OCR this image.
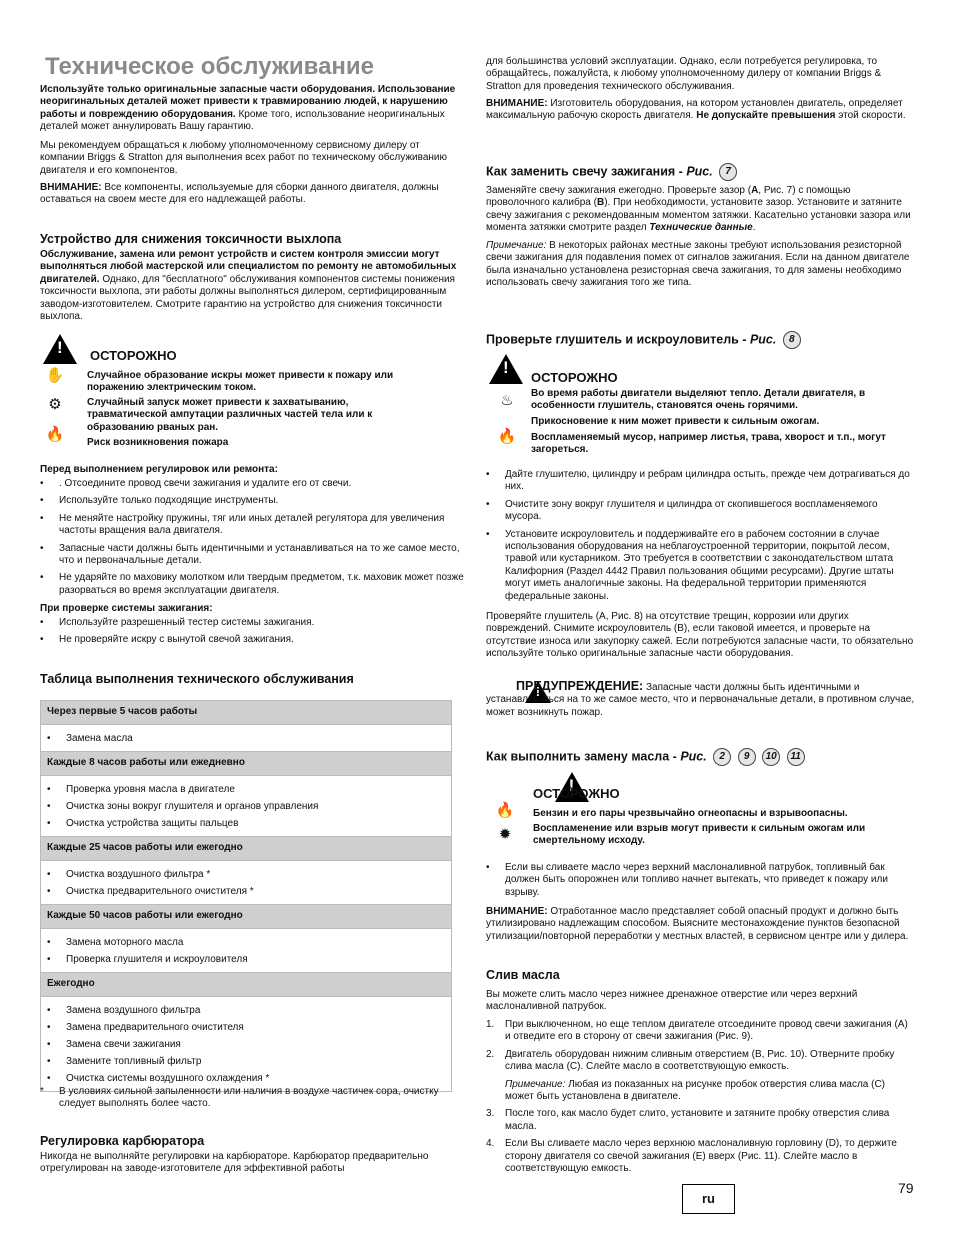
Техническое обслуживание

Используйте только оригинальные запасные части оборудования. Использование неоригинальных деталей может привести к травмированию людей, к нарушению работы и повреждению оборудования. Кроме того, использование неоригинальных деталей может аннулировать Вашу гарантию.

Мы рекомендуем обращаться к любому уполномоченному сервисному дилеру от компании Briggs & Stratton для выполнения всех работ по техническому обслуживанию двигателя и его компонентов.

ВНИМАНИЕ: Все компоненты, используемые для сборки данного двигателя, должны оставаться на своем месте для его надлежащей работы.

Устройство для снижения токсичности выхлопа

Обслуживание, замена или ремонт устройств и систем контроля эмиссии могут выполняться любой мастерской или специалистом по ремонту не автомобильных двигателей. Однако, для "бесплатного" обслуживания компонентов системы понижения токсичности выхлопа, эти работы должны выполняться дилером, сертифицированным заводом-изготовителем. Смотрите гарантию на устройство для снижения токсичности выхлопа.

!
ОСТОРОЖНО
✋
⚙
🔥

Случайное образование искры может привести к пожару или поражению электрическим током.

Случайный запуск может привести к захватыванию, травматической ампутации различных частей тела или к образованию рваных ран.

Риск возникновения пожара

Перед выполнением регулировок или ремонта:

• . Отсоедините провод свечи зажигания и удалите его от свечи.
• Используйте только подходящие инструменты.
• Не меняйте настройку пружины, тяг или иных деталей регулятора для увеличения частоты вращения вала двигателя.
• Запасные части должны быть идентичными и устанавливаться на то же самое место, что и первоначальные детали.
• Не ударяйте по маховику молотком или твердым предметом, т.к. маховик может позже разорваться во время эксплуатации двигателя.

При проверке системы зажигания:

• Используйте разрешенный тестер системы зажигания.
• Не проверяйте искру с вынутой свечой зажигания.
Таблица выполнения технического обслуживания
Через первые 5 часов работы

• Замена масла

Каждые 8 часов работы или ежедневно

• Проверка уровня масла в двигателе
• Очистка зоны вокруг глушителя и органов управления
• Очистка устройства защиты пальцев

Каждые 25 часов работы или ежегодно

• Очистка воздушного фильтра *
• Очистка предварительного очистителя *

Каждые 50 часов работы или ежегодно

• Замена моторного масла
• Проверка глушителя и искроуловителя

Ежегодно

• Замена воздушного фильтра
• Замена предварительного очистителя
• Замена свечи зажигания
• Замените топливный фильтр
• Очистка системы воздушного охлаждения *

* В условиях сильной запыленности или наличия в воздухе частичек сора, очистку следует выполнять более часто.

Регулировка карбюратора

Никогда не выполняйте регулировки на карбюраторе. Карбюратор предварительно отрегулирован на заводе-изготовителе для эффективной работы

для большинства условий эксплуатации. Однако, если потребуется регулировка, то обращайтесь, пожалуйста, к любому уполномоченному дилеру от компании Briggs & Stratton для проведения технического обслуживания.

ВНИМАНИЕ: Изготовитель оборудования, на котором установлен двигатель, определяет максимальную рабочую скорость двигателя. Не допускайте превышения этой скорости.

Как заменить свечу зажигания - Рис. 7

Заменяйте свечу зажигания ежегодно. Проверьте зазор (A, Рис. 7) с помощью проволочного калибра (B). При необходимости, установите зазор. Установите и затяните свечу зажигания с рекомендованным моментом затяжки. Касательно установки зазора или момента затяжки смотрите раздел Технические данные.

Примечание: В некоторых районах местные законы требуют использования резисторной свечи зажигания для подавления помех от сигналов зажигания. Если на данном двигателе была изначально установлена резисторная свеча зажигания, то для замены необходимо использовать свечу зажигания того же типа.

Проверьте глушитель и искроуловитель - Рис. 8
!
ОСТОРОЖНО
♨
🔥

Во время работы двигатели выделяют тепло. Детали двигателя, в особенности глушитель, становятся очень горячими.

Прикосновение к ним может привести к сильным ожогам.

Воспламеняемый мусор, например листья, трава, хворост и т.п., могут загореться.

• Дайте глушителю, цилиндру и ребрам цилиндра остыть, прежде чем дотрагиваться до них.
• Очистите зону вокруг глушителя и цилиндра от скопившегося воспламеняемого мусора.
• Установите искроуловитель и поддерживайте его в рабочем состоянии в случае использования оборудования на неблагоустроенной территории, покрытой лесом, травой или кустарником. Это требуется в соответствии с законодательством штата Калифорния (Раздел 4442 Правил пользования общими ресурсами). Другие штаты могут иметь аналогичные законы. На федеральной территории применяются федеральные законы.

Проверяйте глушитель (A, Рис. 8) на отсутствие трещин, коррозии или других повреждений. Снимите искроуловитель (B), если таковой имеется, и проверьте на отсутствие износа или закупорку сажей. Если потребуются запасные части, то обязательно используйте только оригинальные запасные части оборудования.

!

ПРЕДУПРЕЖДЕНИЕ: Запасные части должны быть идентичными и устанавливаться на то же самое место, что и первоначальные детали, в противном случае, может возникнуть пожар.

Как выполнить замену масла - Рис. 2 9 10 11
!
ОСТОРОЖНО
🔥
✹

Бензин и его пары чрезвычайно огнеопасны и взрывоопасны.

Воспламенение или взрыв могут привести к сильным ожогам или смертельному исходу.

• Если вы сливаете масло через верхний маслоналивной патрубок, топливный бак должен быть опорожнен или топливо начнет вытекать, что приведет к пожару или взрыву.

ВНИМАНИЕ: Отработанное масло представляет собой опасный продукт и должно быть утилизировано надлежащим способом. Выясните местонахождение пунктов безопасной утилизации/повторной переработки у местных властей, в сервисном центре или у дилера.

Слив масла

Вы можете слить масло через нижнее дренажное отверстие или через верхний маслоналивной патрубок.

1. При выключенном, но еще теплом двигателе отсоедините провод свечи зажигания (A) и отведите его в сторону от свечи зажигания (Рис. 9).
2. Двигатель оборудован нижним сливным отверстием (B, Рис. 10). Отверните пробку слива масла (C). Слейте масло в соответствующую емкость.
Примечание: Любая из показанных на рисунке пробок отверстия слива масла (C) может быть установлена в двигателе.
3. После того, как масло будет слито, установите и затяните пробку отверстия слива масла.
4. Если Вы сливаете масло через верхнюю маслоналивную горловину (D), то держите сторону двигателя со свечой зажигания (E) вверх (Рис. 11). Слейте масло в соответствующую емкость.
ru
79
